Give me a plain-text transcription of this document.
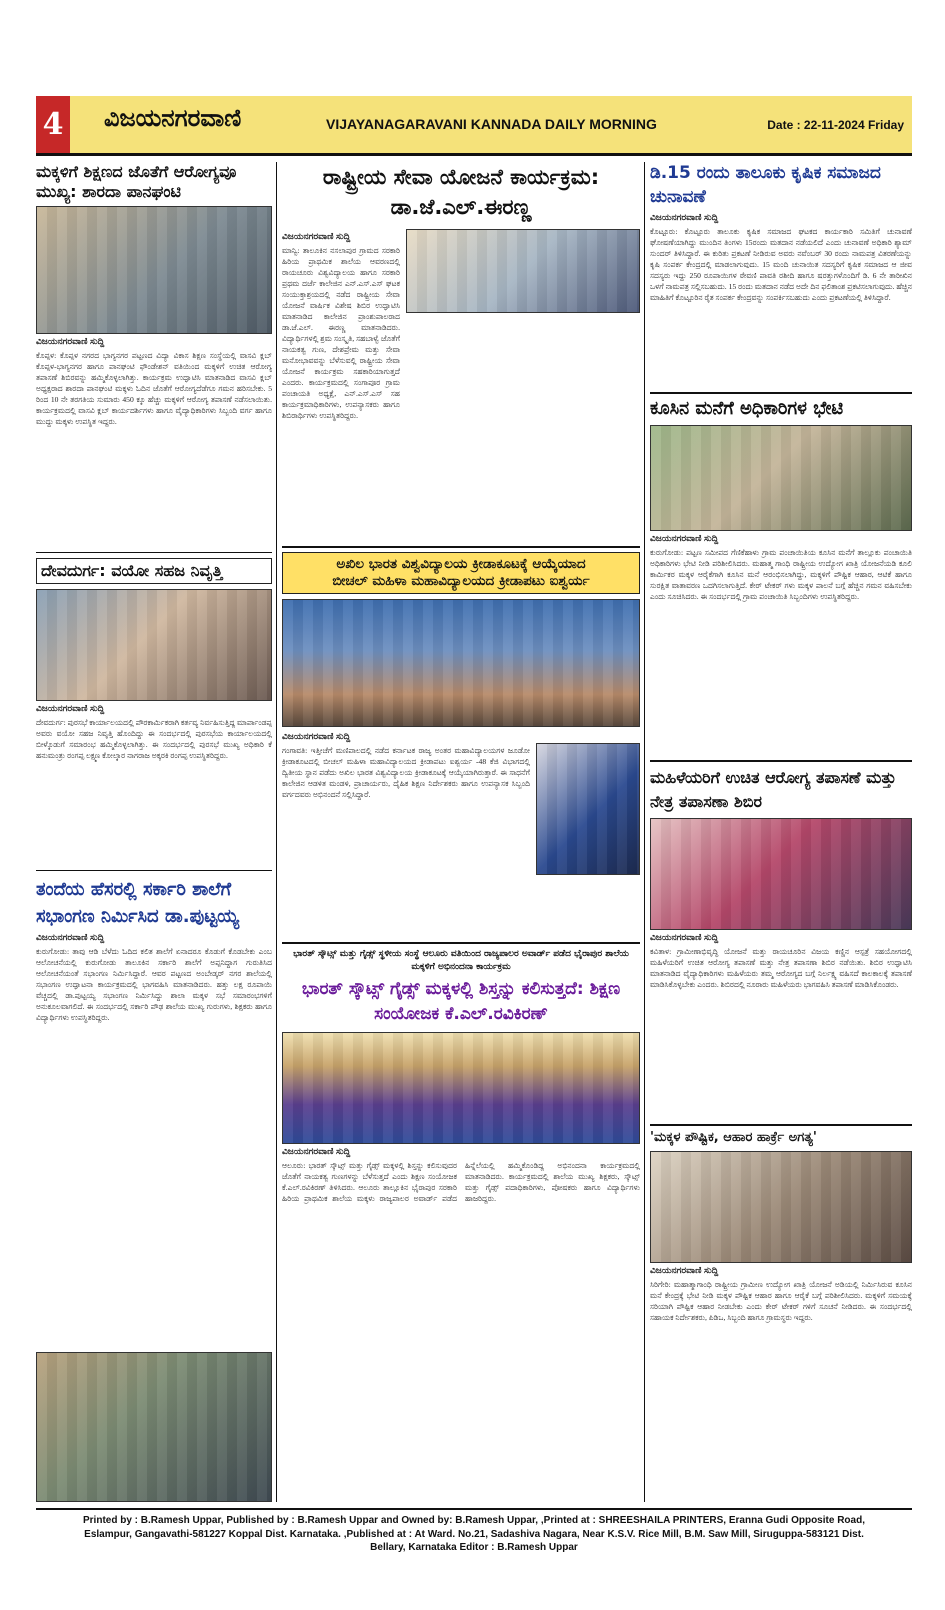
4 ವಿಜಯನಗರವಾಣಿ	VIJAYANAGARAVANI KANNADA DAILY MORNING	Date : 22-11-2024 Friday
ಮಕ್ಕಳಿಗೆ ಶಿಕ್ಷಣದ ಜೊತೆಗೆ ಆರೋಗ್ಯವೂ ಮುಖ್ಯ: ಶಾರದಾ ಪಾನಘಂಟಿ
ವಿಜಯನಗರವಾಣಿ ಸುದ್ದಿ
ಕೊಪ್ಪಳ: ಕೊಪ್ಪಳ ನಗರದ ಭಾಗ್ಯನಗರ ಪಟ್ಟಣದ ವಿದ್ಯಾ ವಿಕಾಸ ಶಿಕ್ಷಣ ಸಂಸ್ಥೆಯಲ್ಲಿ ವಾಸವಿ ಕ್ಲಬ್ ಕೊಪ್ಪಳ-ಭಾಗ್ಯನಗರ ಹಾಗೂ ಪಾನಘಂಟಿ ಫೌಂಡೇಶನ್ ವತಿಯಿಂದ ಮಕ್ಕಳಿಗೆ ಉಚಿತ ಆರೋಗ್ಯ ತಪಾಸಣೆ ಶಿಬಿರವನ್ನು ಹಮ್ಮಿಕೊಳ್ಳಲಾಗಿತ್ತು. ಕಾರ್ಯಕ್ರಮ ಉದ್ಘಾಟಿಸಿ ಮಾತನಾಡಿದ ವಾಸವಿ ಕ್ಲಬ್ ಅಧ್ಯಕ್ಷರಾದ ಶಾರದಾ ಪಾನಘಂಟಿ ಮಕ್ಕಳು ಓದಿನ ಜೊತೆಗೆ ಆರೋಗ್ಯದೆಡೆಗೂ ಗಮನ ಹರಿಸಬೇಕು. 5 ರಿಂದ 10 ನೇ ತರಗತಿಯ ಸುಮಾರು 450 ಕ್ಕೂ ಹೆಚ್ಚು ಮಕ್ಕಳಿಗೆ ಆರೋಗ್ಯ ತಪಾಸಣೆ ನಡೆಸಲಾಯಿತು. ಕಾರ್ಯಕ್ರಮದಲ್ಲಿ ವಾಸವಿ ಕ್ಲಬ್ ಕಾರ್ಯದರ್ಶಿಗಳು ಹಾಗೂ ವೈದ್ಯಾಧಿಕಾರಿಗಳು ಸಿಬ್ಬಂದಿ ವರ್ಗ ಹಾಗೂ ಮುದ್ದು ಮಕ್ಕಳು ಉಪಸ್ಥಿತ ಇದ್ದರು.
ದೇವದುರ್ಗ: ವಯೋ ಸಹಜ ನಿವೃತ್ತಿ
ವಿಜಯನಗರವಾಣಿ ಸುದ್ದಿ
ದೇವದುರ್ಗ: ಪುರಸಭೆ ಕಾರ್ಯಾಲಯದಲ್ಲಿ ಪೌರಕಾರ್ಮಿಕರಾಗಿ ಕರ್ತವ್ಯ ನಿರ್ವಹಿಸುತ್ತಿದ್ದ ಮಾರ್ಪಾಂಡಪ್ಪ ಅವರು ವಯೋ ಸಹಜ ನಿವೃತ್ತಿ ಹೊಂದಿದ್ದು ಈ ಸಂದರ್ಭದಲ್ಲಿ ಪುರಸಭೆಯ ಕಾರ್ಯಾಲಯದಲ್ಲಿ ಬೀಳ್ಕೊಡುಗೆ ಸಮಾರಂಭ ಹಮ್ಮಿಕೊಳ್ಳಲಾಗಿತ್ತು. ಈ ಸಂದರ್ಭದಲ್ಲಿ ಪುರಸಭೆ ಮುಖ್ಯ ಅಧಿಕಾರಿ ಕೆ ಹನುಮಂತ್ರು ರಂಗಪ್ಪ ಲಕ್ಷ್ಮಣ ಕೋಲ್ಕಾರ ನಾಗರಾಜ ಅಕ್ಕರಕಿ ರಂಗಪ್ಪ ಉಪಸ್ಥಿತರಿದ್ದರು.
ತಂದೆಯ ಹೆಸರಲ್ಲಿ ಸರ್ಕಾರಿ ಶಾಲೆಗೆ ಸಭಾಂಗಣ ನಿರ್ಮಿಸಿದ ಡಾ.ಪುಟ್ಟಯ್ಯ
ವಿಜಯನಗರವಾಣಿ ಸುದ್ದಿ
ಕುರುಗೋಡು: ತಾವು ಆಡಿ ಬೆಳೆದು ಓದಿದ ಕಲಿತ ಶಾಲೆಗೆ ಏನಾದರೂ ಕೊಡುಗೆ ಕೊಡಬೇಕು ಎಂಬ ಆಲೋಚನೆಯಲ್ಲಿ ಕುರುಗೋಡು ತಾಲೂಕಿನ ಸರ್ಕಾರಿ ಶಾಲೆಗೆ ಅಪ್ಪನಿದ್ದಾಗ ಗುರುತಿಸಿದ ಆಲೋಚನೆಯಂತೆ ಸಭಾಂಗಣ ನಿರ್ಮಿಸಿದ್ದಾರೆ. ಆವರ ಪಟ್ಟಣದ ಅಂಬೇಡ್ಕರ್ ನಗರ ಶಾಲೆಯಲ್ಲಿ ಸಭಾಂಗಣ ಉದ್ಘಾಟನಾ ಕಾರ್ಯಕ್ರಮದಲ್ಲಿ ಭಾಗವಹಿಸಿ ಮಾತನಾಡಿದರು. ಹತ್ತು ಲಕ್ಷ ರೂಪಾಯಿ ವೆಚ್ಚದಲ್ಲಿ ಡಾ.ಪುಟ್ಟಯ್ಯ ಸಭಾಂಗಣ ನಿರ್ಮಿಸಿದ್ದು ಶಾಲಾ ಮಕ್ಕಳ ಸಭೆ ಸಮಾರಂಭಗಳಿಗೆ ಅನುಕೂಲವಾಗಲಿದೆ. ಈ ಸಂದರ್ಭದಲ್ಲಿ ಸರ್ಕಾರಿ ಪೌಢ ಶಾಲೆಯ ಮುಖ್ಯ ಗುರುಗಳು, ಶಿಕ್ಷಕರು ಹಾಗೂ ವಿದ್ಯಾರ್ಥಿಗಳು ಉಪಸ್ಥಿತರಿದ್ದರು.
ರಾಷ್ಟ್ರೀಯ ಸೇವಾ ಯೋಜನೆ ಕಾರ್ಯಕ್ರಮ: ಡಾ.ಜೆ.ಎಲ್.ಈರಣ್ಣ
ವಿಜಯನಗರವಾಣಿ ಸುದ್ದಿ
ಮಾನ್ವಿ: ತಾಲೂಕಿನ ನಸಲಾಪುರ ಗ್ರಾಮದ ಸರಕಾರಿ ಹಿರಿಯ ಪ್ರಾಥಮಿಕ ಶಾಲೆಯ ಆವರಣದಲ್ಲಿ ರಾಯಚೂರು ವಿಶ್ವವಿದ್ಯಾಲಯ ಹಾಗೂ ಸರಕಾರಿ ಪ್ರಥಮ ದರ್ಜೆ ಕಾಲೇಜಿನ ಎನ್.ಎಸ್.ಎಸ್ ಘಟಕ ಸಂಯುಕ್ತಾಶ್ರಯದಲ್ಲಿ ನಡೆದ ರಾಷ್ಟ್ರೀಯ ಸೇವಾ ಯೋಜನೆ ವಾರ್ಷಿಕ ವಿಶೇಷ ಶಿಬಿರ ಉದ್ಘಾಟಿಸಿ ಮಾತನಾಡಿದ ಕಾಲೇಜಿನ ಪ್ರಾಂಶುಪಾಲರಾದ ಡಾ.ಜೆ.ಎಲ್. ಈರಣ್ಣ ಮಾತನಾಡಿದರು. ವಿದ್ಯಾರ್ಥಿಗಳಲ್ಲಿ ಶ್ರಮ ಸಂಸ್ಕೃತಿ, ಸಹಬಾಳ್ವೆ ಜೊತೆಗೆ ನಾಯಕತ್ವ ಗುಣ, ದೇಶಪ್ರೇಮ ಮತ್ತು ಸೇವಾ ಮನೋಭಾವವನ್ನು ಬೆಳೆಸುವಲ್ಲಿ ರಾಷ್ಟ್ರೀಯ ಸೇವಾ ಯೋಜನೆ ಕಾರ್ಯಕ್ರಮ ಸಹಕಾರಿಯಾಗುತ್ತದೆ ಎಂದರು. ಕಾರ್ಯಕ್ರಮದಲ್ಲಿ ಸಂಗಾಪೂರ ಗ್ರಾಮ ಪಂಚಾಯತಿ ಅಧ್ಯಕ್ಷೆ, ಎನ್.ಎಸ್.ಎಸ್ ಸಹ ಕಾರ್ಯಕ್ರಮಾಧಿಕಾರಿಗಳು, ಉಪನ್ಯಾಸಕರು ಹಾಗೂ ಶಿಬಿರಾರ್ಥಿಗಳು ಉಪಸ್ಥಿತರಿದ್ದರು.
ಅಖಿಲ ಭಾರತ ವಿಶ್ವವಿದ್ಯಾಲಯ ಕ್ರೀಡಾಕೂಟಕ್ಕೆ ಆಯ್ಕೆಯಾದ
ಬೀಚಲ್ ಮಹಿಳಾ ಮಹಾವಿದ್ಯಾಲಯದ ಕ್ರೀಡಾಪಟು ಐಶ್ವರ್ಯ
ವಿಜಯನಗರವಾಣಿ ಸುದ್ದಿ
ಗಂಗಾವತಿ: ಇತ್ತೀಚೆಗೆ ಮಣಿಪಾಲದಲ್ಲಿ ನಡೆದ ಕರ್ನಾಟಕ ರಾಜ್ಯ ಅಂತರ ಮಹಾವಿದ್ಯಾಲಯಗಳ ಜೂಡೋ ಕ್ರೀಡಾಕೂಟದಲ್ಲಿ ಬೀಚಲ್ ಮಹಿಳಾ ಮಹಾವಿದ್ಯಾಲಯದ ಕ್ರೀಡಾಪಟು ಐಶ್ವರ್ಯ -48 ಕೆಜಿ ವಿಭಾಗದಲ್ಲಿ ದ್ವಿತೀಯ ಸ್ಥಾನ ಪಡೆದು ಅಖಿಲ ಭಾರತ ವಿಶ್ವವಿದ್ಯಾಲಯ ಕ್ರೀಡಾಕೂಟಕ್ಕೆ ಆಯ್ಕೆಯಾಗಿರುತ್ತಾರೆ. ಈ ಸಾಧನೆಗೆ ಕಾಲೇಜಿನ ಆಡಳಿತ ಮಂಡಳಿ, ಪ್ರಾಚಾರ್ಯರು, ದೈಹಿಕ ಶಿಕ್ಷಣ ನಿರ್ದೇಶಕರು ಹಾಗೂ ಉಪನ್ಯಾಸಕ ಸಿಬ್ಬಂದಿ ವರ್ಗದವರು ಅಭಿನಂದನೆ ಸಲ್ಲಿಸಿದ್ದಾರೆ.
ಭಾರತ್ ಸ್ಕೌಟ್ಸ್ ಮತ್ತು ಗೈಡ್ಸ್ ಸ್ಥಳೀಯ ಸಂಸ್ಥೆ ಆಲೂರು ವತಿಯಿಂದ ರಾಜ್ಯಪಾಲರ ಅವಾರ್ಡ್ ಪಡೆದ ಭೈರಾಪುರ ಶಾಲೆಯ ಮಕ್ಕಳಿಗೆ ಅಭಿನಂದನಾ ಕಾರ್ಯಕ್ರಮ
ಭಾರತ್ ಸ್ಕೌಟ್ಸ್ ಗೈಡ್ಸ್ ಮಕ್ಕಳಲ್ಲಿ ಶಿಸ್ತನ್ನು ಕಲಿಸುತ್ತದೆ: ಶಿಕ್ಷಣ ಸಂಯೋಜಕ ಕೆ.ಎಲ್.ರವಿಕಿರಣ್
ವಿಜಯನಗರವಾಣಿ ಸುದ್ದಿ
ಆಲೂರು: ಭಾರತ್ ಸ್ಕೌಟ್ಸ್ ಮತ್ತು ಗೈಡ್ಸ್ ಮಕ್ಕಳಲ್ಲಿ ಶಿಸ್ತನ್ನು ಕಲಿಸುವುದರ ಜೊತೆಗೆ ನಾಯಕತ್ವ ಗುಣಗಳನ್ನು ಬೆಳೆಸುತ್ತದೆ ಎಂದು ಶಿಕ್ಷಣ ಸಂಯೋಜಕ ಕೆ.ಎಲ್.ರವಿಕಿರಣ್ ತಿಳಿಸಿದರು. ಆಲೂರು ತಾಲ್ಲೂಕಿನ ಭೈರಾಪುರ ಸರಕಾರಿ ಹಿರಿಯ ಪ್ರಾಥಮಿಕ ಶಾಲೆಯ ಮಕ್ಕಳು ರಾಜ್ಯಪಾಲರ ಅವಾರ್ಡ್ ಪಡೆದ ಹಿನ್ನೆಲೆಯಲ್ಲಿ ಹಮ್ಮಿಕೊಂಡಿದ್ದ ಅಭಿನಂದನಾ ಕಾರ್ಯಕ್ರಮದಲ್ಲಿ ಮಾತನಾಡಿದರು. ಕಾರ್ಯಕ್ರಮದಲ್ಲಿ ಶಾಲೆಯ ಮುಖ್ಯ ಶಿಕ್ಷಕರು, ಸ್ಕೌಟ್ಸ್ ಮತ್ತು ಗೈಡ್ಸ್ ಪದಾಧಿಕಾರಿಗಳು, ಪೋಷಕರು ಹಾಗೂ ವಿದ್ಯಾರ್ಥಿಗಳು ಹಾಜರಿದ್ದರು.
ಡಿ.15 ರಂದು ತಾಲೂಕು ಕೃಷಿಕ ಸಮಾಜದ ಚುನಾವಣೆ
ವಿಜಯನಗರವಾಣಿ ಸುದ್ದಿ
ಕೊಟ್ಟೂರು: ಕೊಟ್ಟೂರು ತಾಲೂಕು ಕೃಷಿಕ ಸಮಾಜದ ಘಟಕದ ಕಾರ್ಯಕಾರಿ ಸಮಿತಿಗೆ ಚುನಾವಣೆ ಘೋಷಣೆಯಾಗಿದ್ದು ಮುಂದಿನ ತಿಂಗಳು 15ರಂದು ಮತದಾನ ನಡೆಯಲಿದೆ ಎಂದು ಚುನಾವಣೆ ಅಧಿಕಾರಿ ಶ್ಯಾಮ್ ಸುಂದರ್ ತಿಳಿಸಿದ್ದಾರೆ. ಈ ಕುರಿತು ಪ್ರಕಟಣೆ ನೀಡಿರುವ ಅವರು ನವೆಂಬರ್ 30 ರಂದು ನಾಮಪತ್ರ ವಿತರಣೆಯನ್ನು ಕೃಷಿ ಸಂಪರ್ಕ ಕೇಂದ್ರದಲ್ಲಿ ಮಾಡಲಾಗುವುದು. 15 ಮಂದಿ ಚುನಾಯಿತ ಸದಸ್ಯರಿಗೆ ಕೃಷಿಕ ಸಮಾಜದ ಆ ಜೀವ ಸದಸ್ಯರು ಇದ್ದು 250 ರೂಪಾಯಿಗಳ ಠೇವಣಿ ಪಾವತಿ ರಶೀದಿ ಹಾಗೂ ಷರತ್ತುಗಳೊಂದಿಗೆ ಡಿ. 6 ನೇ ತಾರೀಖಿನ ಒಳಗೆ ನಾಮಪತ್ರ ಸಲ್ಲಿಸಬಹುದು. 15 ರಂದು ಮತದಾನ ನಡೆದ ಅದೇ ದಿನ ಫಲಿತಾಂಶ ಪ್ರಕಟಿಸಲಾಗುವುದು. ಹೆಚ್ಚಿನ ಮಾಹಿತಿಗೆ ಕೊಟ್ಟೂರಿನ ರೈತ ಸಂಪರ್ಕ ಕೇಂದ್ರವನ್ನು ಸಂಪರ್ಕಿಸಬಹುದು ಎಂದು ಪ್ರಕಟಣೆಯಲ್ಲಿ ತಿಳಿಸಿದ್ದಾರೆ.
ಕೂಸಿನ ಮನೆಗೆ ಅಧಿಕಾರಿಗಳ ಭೇಟಿ
ವಿಜಯನಗರವಾಣಿ ಸುದ್ದಿ
ಕುರುಗೋಡು: ಪಟ್ಟಣ ಸಮೀಪದ ಗೆಣಿಕೆಹಾಳು ಗ್ರಾಮ ಪಂಚಾಯಿತಿಯ ಕೂಸಿನ ಮನೆಗೆ ತಾಲ್ಲೂಕು ಪಂಚಾಯಿತಿ ಅಧಿಕಾರಿಗಳು ಭೇಟಿ ನೀಡಿ ಪರಿಶೀಲಿಸಿದರು. ಮಹಾತ್ಮ ಗಾಂಧಿ ರಾಷ್ಟ್ರೀಯ ಉದ್ಯೋಗ ಖಾತ್ರಿ ಯೋಜನೆಯಡಿ ಕೂಲಿ ಕಾರ್ಮಿಕರ ಮಕ್ಕಳ ಆರೈಕೆಗಾಗಿ ಕೂಸಿನ ಮನೆ ಆರಂಭಿಸಲಾಗಿದ್ದು, ಮಕ್ಕಳಿಗೆ ಪೌಷ್ಟಿಕ ಆಹಾರ, ಆಟಿಕೆ ಹಾಗೂ ಸುರಕ್ಷಿತ ವಾತಾವರಣ ಒದಗಿಸಲಾಗುತ್ತಿದೆ. ಕೇರ್ ಟೇಕರ್ ಗಳು ಮಕ್ಕಳ ಪಾಲನೆ ಬಗ್ಗೆ ಹೆಚ್ಚಿನ ಗಮನ ವಹಿಸಬೇಕು ಎಂದು ಸೂಚಿಸಿದರು. ಈ ಸಂದರ್ಭದಲ್ಲಿ ಗ್ರಾಮ ಪಂಚಾಯಿತಿ ಸಿಬ್ಬಂದಿಗಳು ಉಪಸ್ಥಿತರಿದ್ದರು.
ಮಹಿಳೆಯರಿಗೆ ಉಚಿತ ಆರೋಗ್ಯ ತಪಾಸಣೆ ಮತ್ತು ನೇತ್ರ ತಪಾಸಣಾ ಶಿಬಿರ
ವಿಜಯನಗರವಾಣಿ ಸುದ್ದಿ
ಕವಿತಾಳ: ಗ್ರಾಮೀಣಾಭಿವೃದ್ಧಿ ಯೋಜನೆ ಮತ್ತು ರಾಯಚೂರಿನ ವಿಜಯ ಕಣ್ಣಿನ ಆಸ್ಪತ್ರೆ ಸಹಯೋಗದಲ್ಲಿ ಮಹಿಳೆಯರಿಗೆ ಉಚಿತ ಆರೋಗ್ಯ ತಪಾಸಣೆ ಮತ್ತು ನೇತ್ರ ತಪಾಸಣಾ ಶಿಬಿರ ನಡೆಯಿತು. ಶಿಬಿರ ಉದ್ಘಾಟಿಸಿ ಮಾತನಾಡಿದ ವೈದ್ಯಾಧಿಕಾರಿಗಳು ಮಹಿಳೆಯರು ತಮ್ಮ ಆರೋಗ್ಯದ ಬಗ್ಗೆ ನಿರ್ಲಕ್ಷ್ಯ ವಹಿಸದೆ ಕಾಲಕಾಲಕ್ಕೆ ತಪಾಸಣೆ ಮಾಡಿಸಿಕೊಳ್ಳಬೇಕು ಎಂದರು. ಶಿಬಿರದಲ್ಲಿ ನೂರಾರು ಮಹಿಳೆಯರು ಭಾಗವಹಿಸಿ ತಪಾಸಣೆ ಮಾಡಿಸಿಕೊಂಡರು.
'ಮಕ್ಕಳ ಪೌಷ್ಟಿಕ, ಆಹಾರ ಹಾರ್ಕ್ರೆ ಅಗತ್ಯ'
ವಿಜಯನಗರವಾಣಿ ಸುದ್ದಿ
ಸಿರಿಗೇರಿ: ಮಹಾತ್ಮಾಗಾಂಧಿ ರಾಷ್ಟ್ರೀಯ ಗ್ರಾಮೀಣ ಉದ್ಯೋಗ ಖಾತ್ರಿ ಯೋಜನೆ ಅಡಿಯಲ್ಲಿ ನಿರ್ಮಿಸಿರುವ ಕೂಸಿನ ಮನೆ ಕೇಂದ್ರಕ್ಕೆ ಭೇಟಿ ನೀಡಿ ಮಕ್ಕಳ ಪೌಷ್ಟಿಕ ಆಹಾರ ಹಾಗೂ ಆರೈಕೆ ಬಗ್ಗೆ ಪರಿಶೀಲಿಸಿದರು. ಮಕ್ಕಳಿಗೆ ಸಮಯಕ್ಕೆ ಸರಿಯಾಗಿ ಪೌಷ್ಟಿಕ ಆಹಾರ ನೀಡಬೇಕು ಎಂದು ಕೇರ್ ಟೇಕರ್ ಗಳಿಗೆ ಸೂಚನೆ ನೀಡಿದರು. ಈ ಸಂದರ್ಭದಲ್ಲಿ ಸಹಾಯಕ ನಿರ್ದೇಶಕರು, ಪಿಡಿಒ, ಸಿಬ್ಬಂದಿ ಹಾಗೂ ಗ್ರಾಮಸ್ಥರು ಇದ್ದರು.
Printed by : B.Ramesh Uppar, Published by : B.Ramesh Uppar and Owned by: B.Ramesh Uppar, ,Printed at : SHREESHAILA PRINTERS, Eranna Gudi Opposite Road,
Eslampur, Gangavathi-581227 Koppal Dist. Karnataka. ,Published at : At Ward. No.21, Sadashiva Nagara, Near K.S.V. Rice Mill, B.M. Saw Mill, Siruguppa-583121 Dist.
Bellary, Karnataka Editor : B.Ramesh Uppar
